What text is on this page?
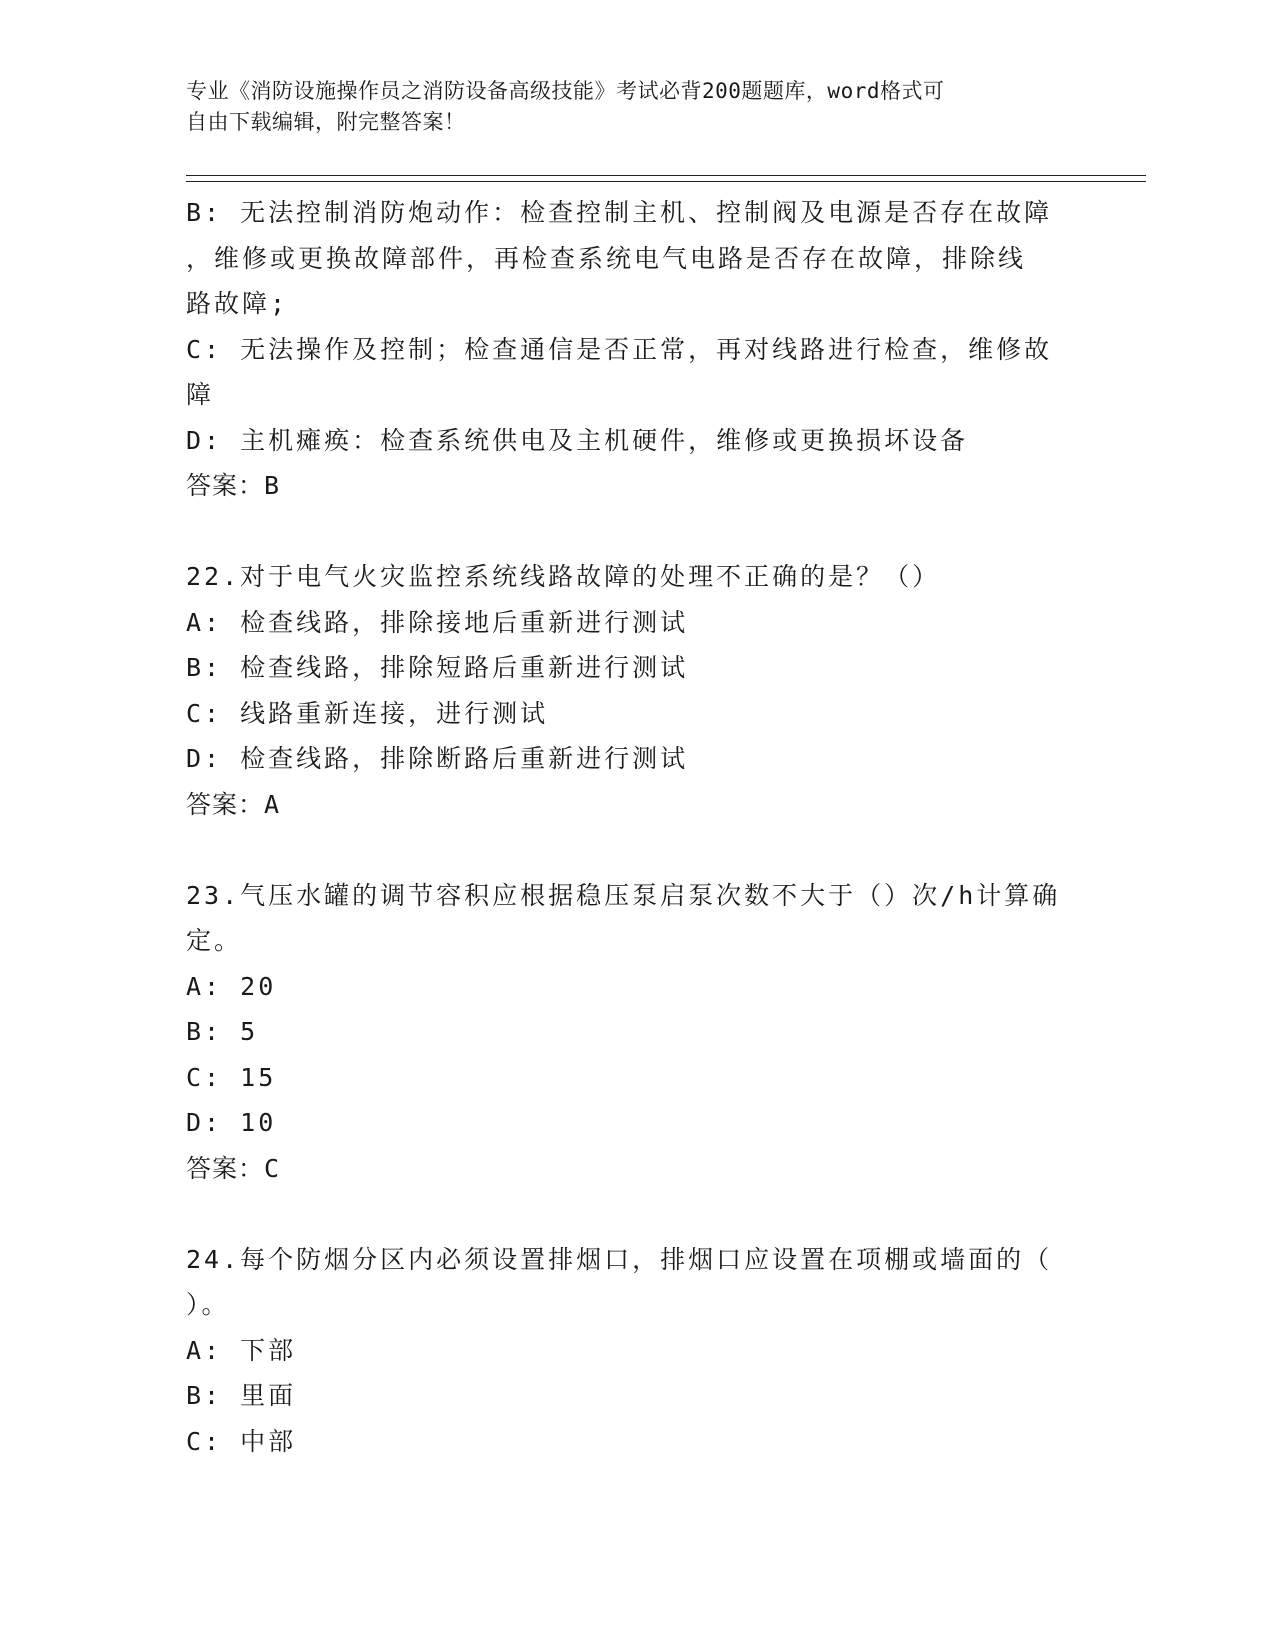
专业《消防设施操作员之消防设备高级技能》考试必背200题题库，word格式可
自由下载编辑，附完整答案！
B: 无法控制消防炮动作：检查控制主机、控制阀及电源是否存在故障
，维修或更换故障部件，再检查系统电气电路是否存在故障，排除线
路故障;
C: 无法操作及控制；检查通信是否正常，再对线路进行检查，维修故
障
D: 主机瘫痪：检查系统供电及主机硬件，维修或更换损坏设备
答案：B
22.对于电气火灾监控系统线路故障的处理不正确的是？（）
A: 检查线路，排除接地后重新进行测试
B: 检查线路，排除短路后重新进行测试
C: 线路重新连接，进行测试
D: 检查线路，排除断路后重新进行测试
答案：A
23.气压水罐的调节容积应根据稳压泵启泵次数不大于（）次/h计算确
定。
A: 20
B: 5
C: 15
D: 10
答案：C
24.每个防烟分区内必须设置排烟口，排烟口应设置在项棚或墙面的（
）。
A: 下部
B: 里面
C: 中部
